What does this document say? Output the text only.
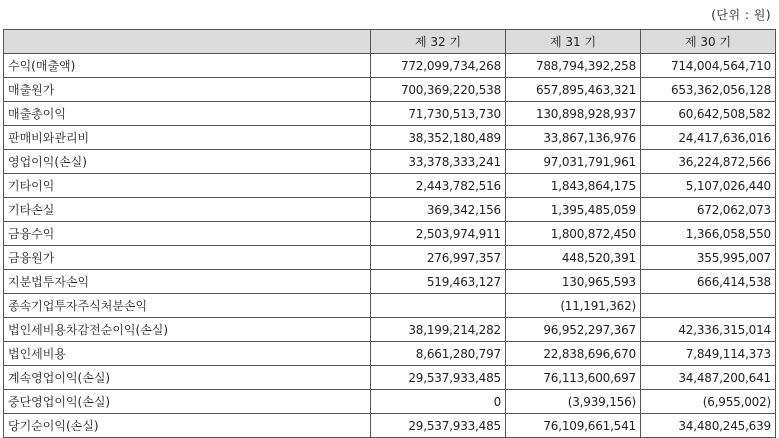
(단위 : 원)
	제 32 기	제 31 기	제 30 기
수익(매출액)	772,099,734,268	788,794,392,258	714,004,564,710
매출원가	700,369,220,538	657,895,463,321	653,362,056,128
매출총이익	71,730,513,730	130,898,928,937	60,642,508,582
판매비와관리비	38,352,180,489	33,867,136,976	24,417,636,016
영업이익(손실)	33,378,333,241	97,031,791,961	36,224,872,566
기타이익	2,443,782,516	1,843,864,175	5,107,026,440
기타손실	369,342,156	1,395,485,059	672,062,073
금융수익	2,503,974,911	1,800,872,450	1,366,058,550
금융원가	276,997,357	448,520,391	355,995,007
지분법투자손익	519,463,127	130,965,593	666,414,538
종속기업투자주식처분손익		(11,191,362)	
법인세비용차감전순이익(손실)	38,199,214,282	96,952,297,367	42,336,315,014
법인세비용	8,661,280,797	22,838,696,670	7,849,114,373
계속영업이익(손실)	29,537,933,485	76,113,600,697	34,487,200,641
중단영업이익(손실)	0	(3,939,156)	(6,955,002)
당기순이익(손실)	29,537,933,485	76,109,661,541	34,480,245,639
